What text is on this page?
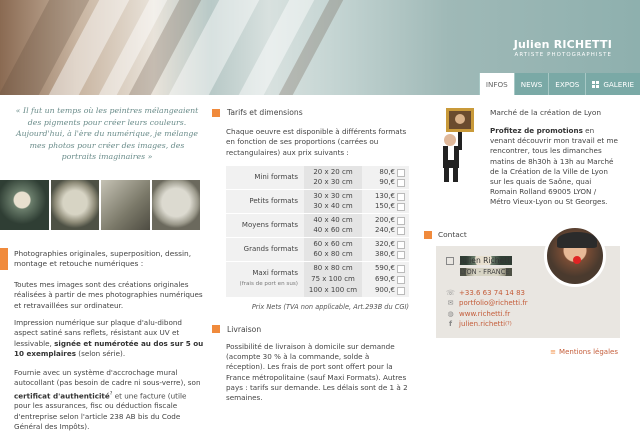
Julien RICHETTI
ARTISTE PHOTOGRAPHISTE
INFOS NEWS EXPOS	GALERIE
« Il fut un temps où les peintres mélangeaient des pigments pour créer leurs couleurs. Aujourd'hui, à l'ère du numérique, je mélange mes photos pour créer des images, des portraits imaginaires »
Photographies originales, superposition, dessin, montage et retouche numériques :
Toutes mes images sont des créations originales réalisées à partir de mes photographies numériques et retravaillées sur ordinateur.
Impression numérique sur plaque d'alu-dibond aspect satiné sans reflets, résistant aux UV et lessivable, signée et numérotée au dos sur 5 ou 10 exemplaires (selon série).
Fournie avec un système d'accrochage mural autocollant (pas besoin de cadre ni sous-verre), son certificat d'authenticité? et une facture (utile pour les assurances, fisc ou déduction fiscale d'entreprise selon l'article 238 AB bis du Code Général des Impôts).
Tarifs et dimensions
Chaque oeuvre est disponible à différents formats en fonction de ses proportions (carrées ou rectangulaires) aux prix suivants :
Mini formats
20 x 20 cm
20 x 30 cm
80,€
90,€
Petits formats
30 x 30 cm
30 x 40 cm
130,€
150,€
Moyens formats
40 x 40 cm
40 x 60 cm
200,€
240,€
Grands formats
60 x 60 cm
60 x 80 cm
320,€
380,€
Maxi formats
(frais de port en sus)
80 x 80 cm
75 x 100 cm
100 x 100 cm
590,€
690,€
900,€
Prix Nets (TVA non applicable, Art.293B du CGI)
Livraison
Possibilité de livraison à domicile sur demande (acompte 30 % à la commande, solde à réception). Les frais de port sont offert pour la France métropolitaine (sauf Maxi Formats). Autres pays : tarifs sur demande. Les délais sont de 1 à 2 semaines.
Marché de la création de Lyon
Profitez de promotions en venant découvrir mon travail et me rencontrer, tous les dimanches matins de 8h30h à 13h au Marché de la Création de la Ville de Lyon sur les quais de Saône, quai Romain Rolland 69005 LYON / Métro Vieux-Lyon ou St Georges.
Contact
Julien Richetti
LYON - FRANCE
☏ +33.6 63 74 14 83
✉ portfolio@richetti.fr
◍ www.richetti.fr
f julien.richetti (?)
≡ Mentions légales
